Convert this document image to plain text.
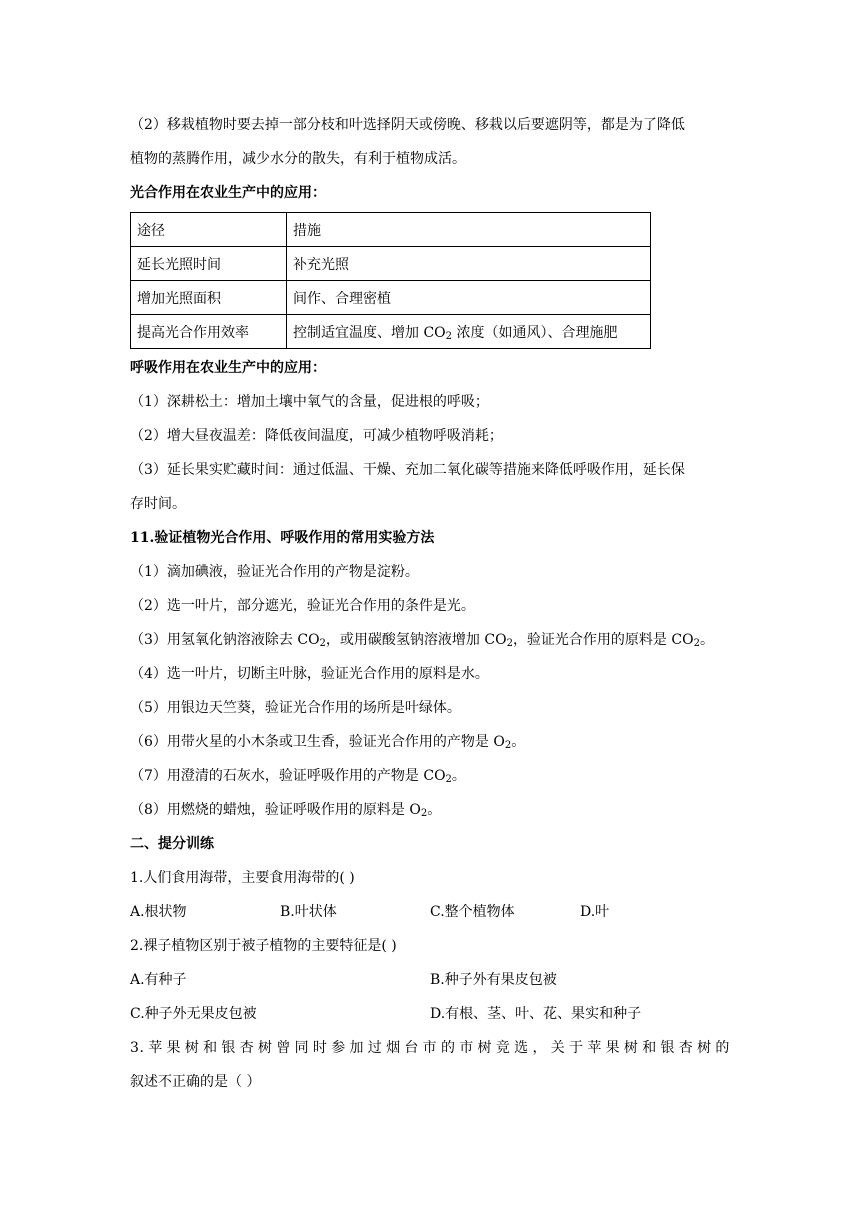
（2）移栽植物时要去掉一部分枝和叶选择阴天或傍晚、移栽以后要遮阴等，都是为了降低

植物的蒸腾作用，减少水分的散失，有利于植物成活。

光合作用在农业生产中的应用：

途径	措施
延长光照时间	补充光照
增加光照面积	间作、合理密植
提高光合作用效率	控制适宜温度、增加 $CO_2$ 浓度（如通风）、合理施肥

呼吸作用在农业生产中的应用：

（1）深耕松土：增加土壤中氧气的含量，促进根的呼吸；

（2）增大昼夜温差：降低夜间温度，可减少植物呼吸消耗；

（3）延长果实贮藏时间：通过低温、干燥、充加二氧化碳等措施来降低呼吸作用，延长保

存时间。

11.验证植物光合作用、呼吸作用的常用实验方法

（1）滴加碘液，验证光合作用的产物是淀粉。

（2）选一叶片，部分遮光，验证光合作用的条件是光。

（3）用氢氧化钠溶液除去 $CO_2$，或用碳酸氢钠溶液增加 $CO_2$，验证光合作用的原料是 $CO_2$。

（4）选一叶片，切断主叶脉，验证光合作用的原料是水。

（5）用银边天竺葵，验证光合作用的场所是叶绿体。

（6）用带火星的小木条或卫生香，验证光合作用的产物是 $O_2$。

（7）用澄清的石灰水，验证呼吸作用的产物是 $CO_2$。

（8）用燃烧的蜡烛，验证呼吸作用的原料是 $O_2$。

二、提分训练

1.人们食用海带，主要食用海带的( )

A.根状物	B.叶状体	C.整个植物体	D.叶

2.裸子植物区别于被子植物的主要特征是( )

A.有种子	B.种子外有果皮包被
C.种子外无果皮包被	D.有根、茎、叶、花、果实和种子

3.苹果树和银杏树曾同时参加过烟台市的市树竞选，关于苹果树和银杏树的

叙述不正确的是（ ）
